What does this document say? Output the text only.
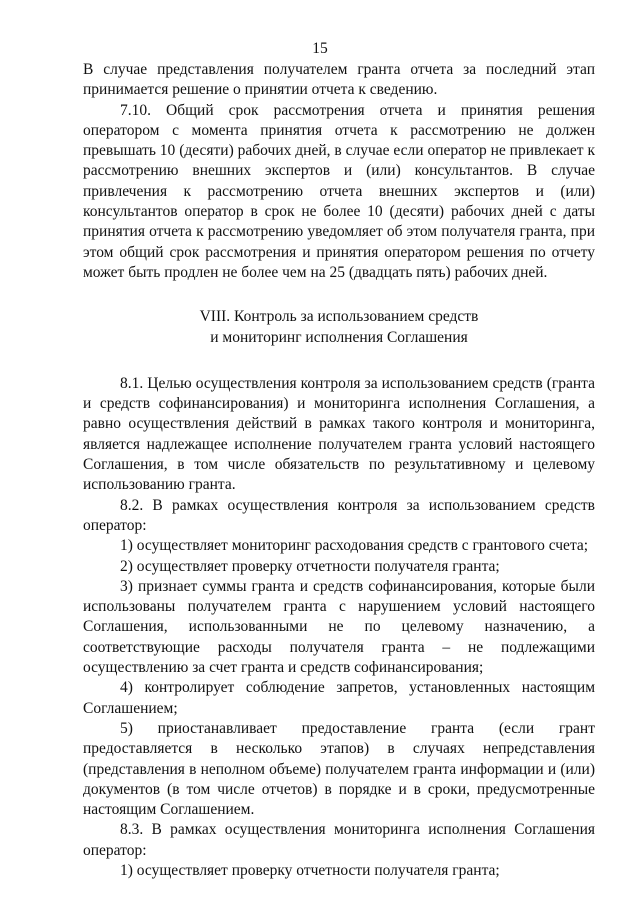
15

В случае представления получателем гранта отчета за последний этап принимается решение о принятии отчета к сведению.

7.10. Общий срок рассмотрения отчета и принятия решения оператором с момента принятия отчета к рассмотрению не должен превышать 10 (десяти) рабочих дней, в случае если оператор не привлекает к рассмотрению внешних экспертов и (или) консультантов. В случае привлечения к рассмотрению отчета внешних экспертов и (или) консультантов оператор в срок не более 10 (десяти) рабочих дней с даты принятия отчета к рассмотрению уведомляет об этом получателя гранта, при этом общий срок рассмотрения и принятия оператором решения по отчету может быть продлен не более чем на 25 (двадцать пять) рабочих дней.

VIII. Контроль за использованием средств
и мониторинг исполнения Соглашения

8.1. Целью осуществления контроля за использованием средств (гранта и средств софинансирования) и мониторинга исполнения Соглашения, а равно осуществления действий в рамках такого контроля и мониторинга, является надлежащее исполнение получателем гранта условий настоящего Соглашения, в том числе обязательств по результативному и целевому использованию гранта.

8.2. В рамках осуществления контроля за использованием средств оператор:

1) осуществляет мониторинг расходования средств с грантового счета;

2) осуществляет проверку отчетности получателя гранта;

3) признает суммы гранта и средств софинансирования, которые были использованы получателем гранта с нарушением условий настоящего Соглашения, использованными не по целевому назначению, а соответствующие расходы получателя гранта – не подлежащими осуществлению за счет гранта и средств софинансирования;

4) контролирует соблюдение запретов, установленных настоящим Соглашением;

5) приостанавливает предоставление гранта (если грант предоставляется в несколько этапов) в случаях непредставления (представления в неполном объеме) получателем гранта информации и (или) документов (в том числе отчетов) в порядке и в сроки, предусмотренные настоящим Соглашением.

8.3. В рамках осуществления мониторинга исполнения Соглашения оператор:

1) осуществляет проверку отчетности получателя гранта;
